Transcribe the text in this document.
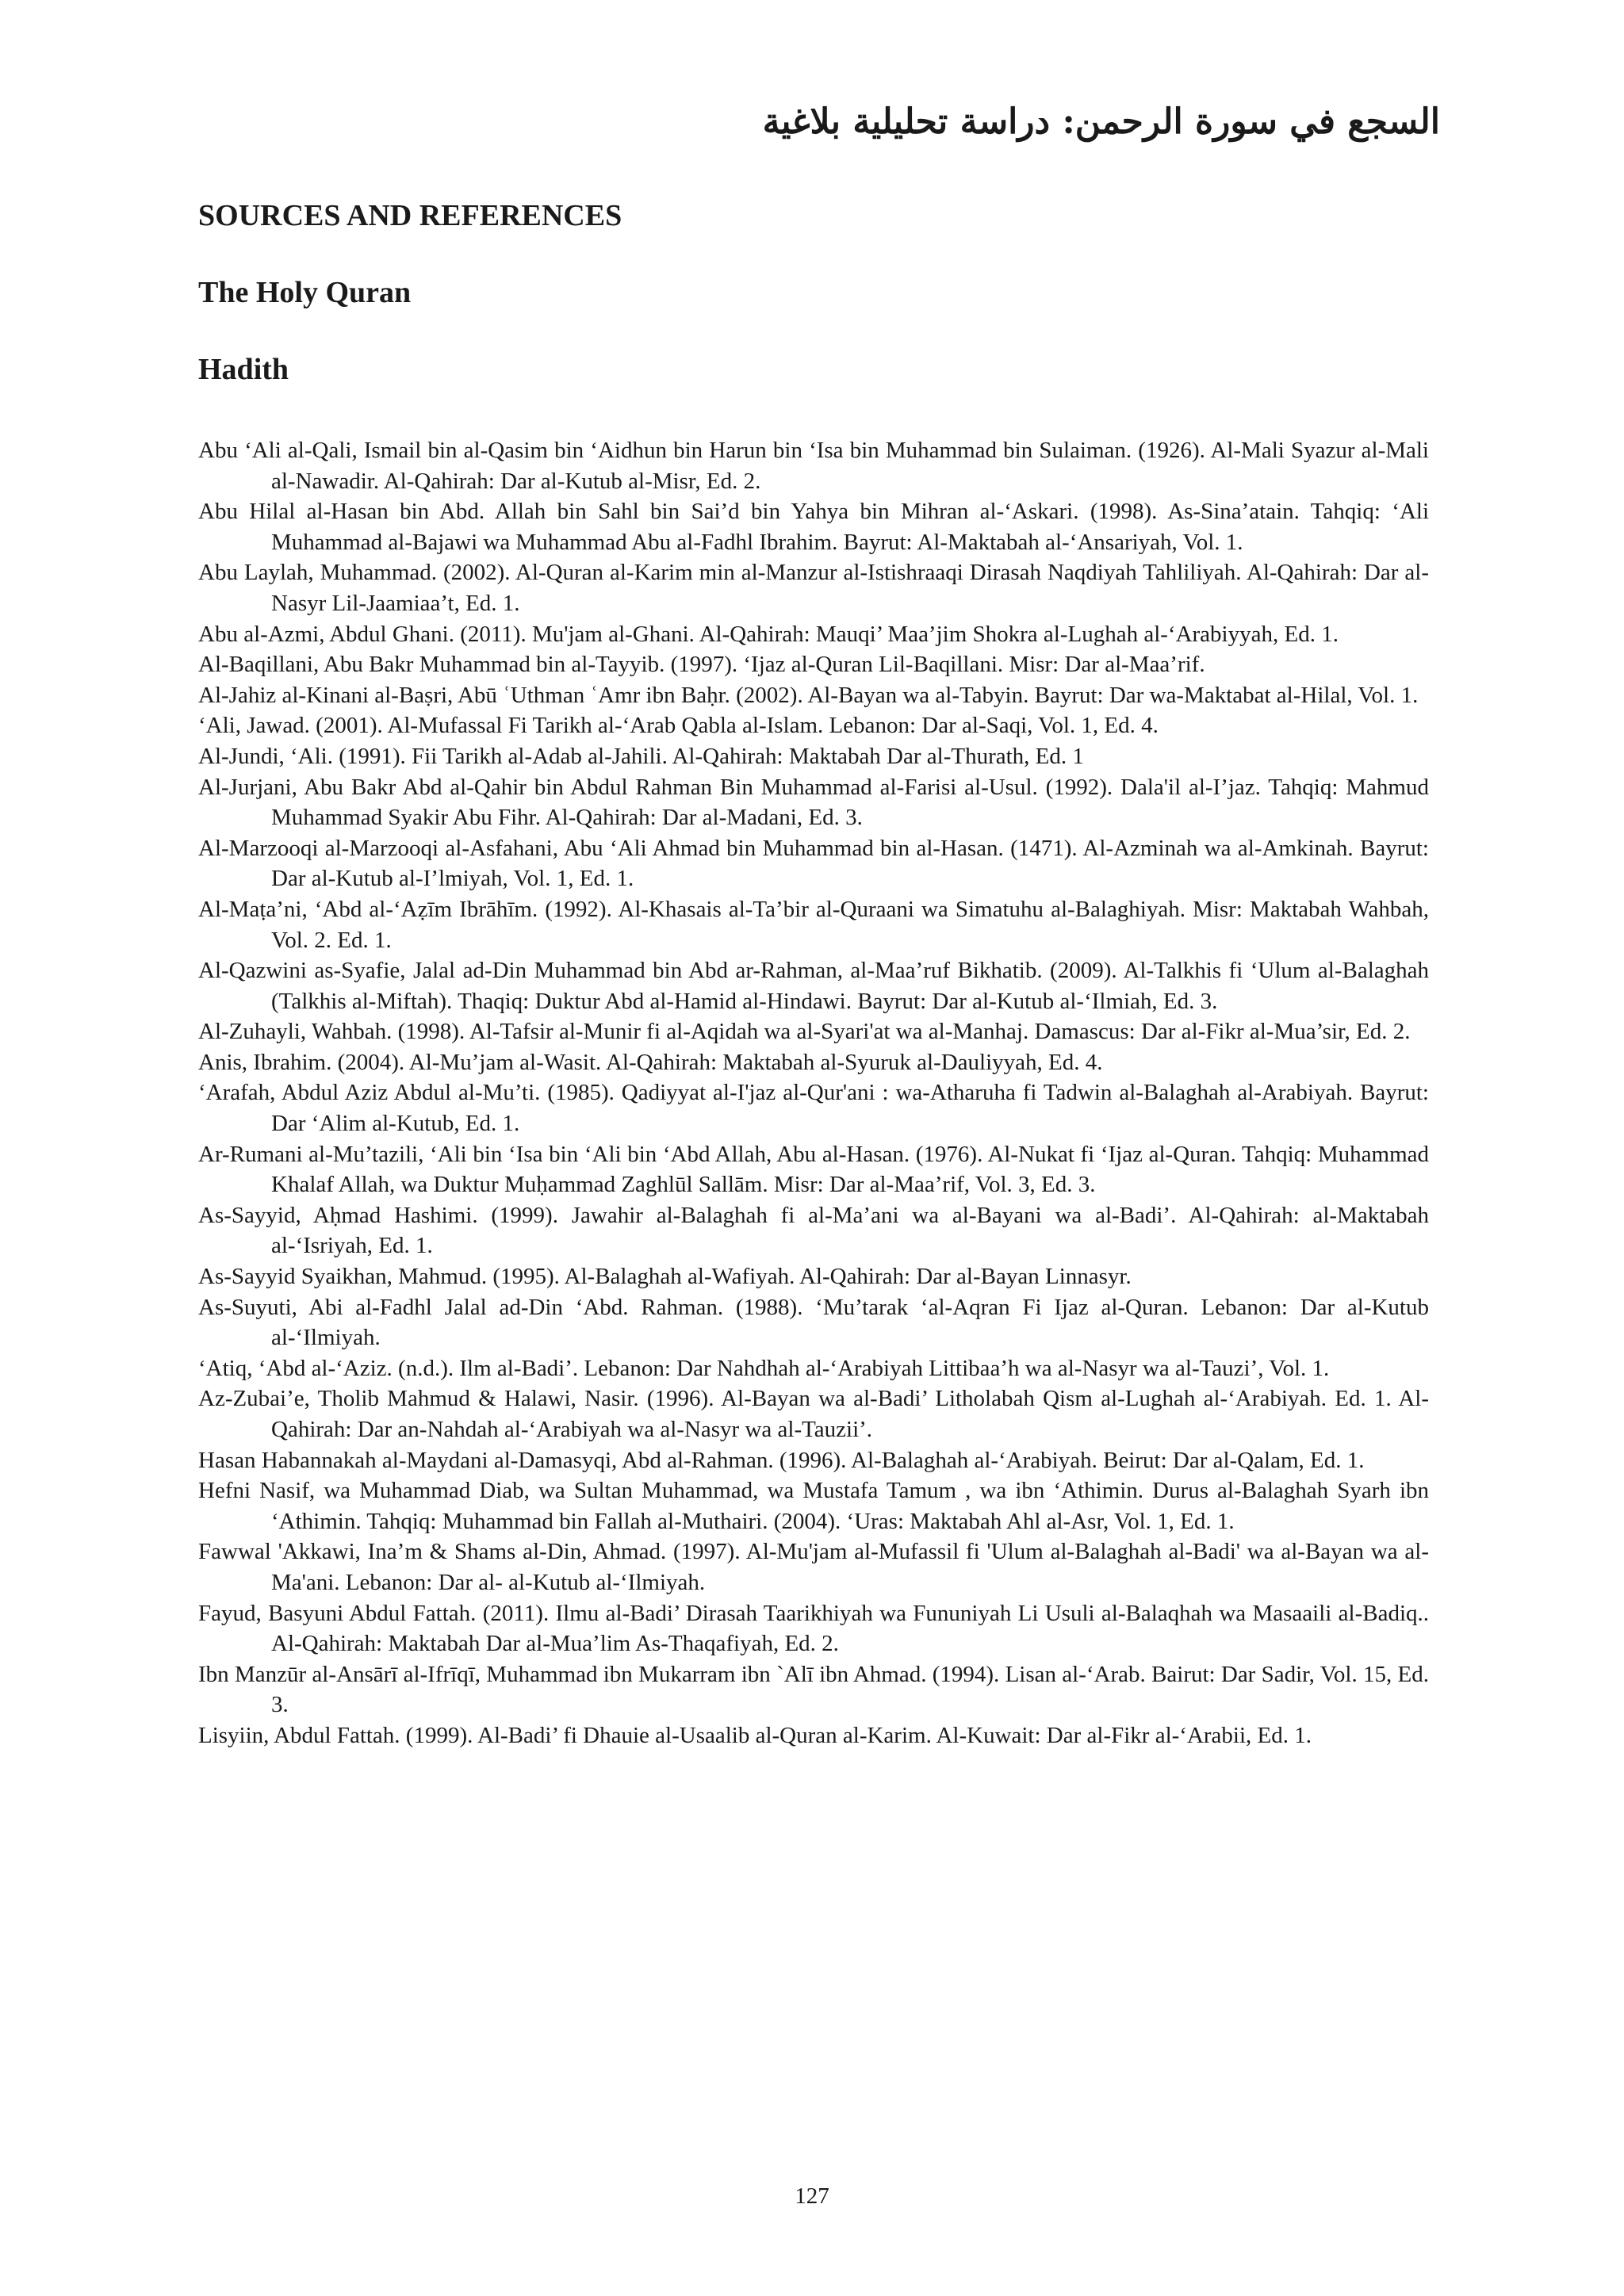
السجع في سورة الرحمن: دراسة تحليلية بلاغية
SOURCES AND REFERENCES
The Holy Quran
Hadith
Abu ‘Ali al-Qali, Ismail bin al-Qasim bin ‘Aidhun bin Harun bin ‘Isa bin Muhammad bin Sulaiman. (1926). Al-Mali Syazur al-Mali al-Nawadir. Al-Qahirah: Dar al-Kutub al-Misr, Ed. 2.
Abu Hilal al-Hasan bin Abd. Allah bin Sahl bin Sai’d bin Yahya bin Mihran al-‘Askari. (1998). As-Sina’atain. Tahqiq: ‘Ali Muhammad al-Bajawi wa Muhammad Abu al-Fadhl Ibrahim. Bayrut: Al-Maktabah al-‘Ansariyah, Vol. 1.
Abu Laylah, Muhammad. (2002). Al-Quran al-Karim min al-Manzur al-Istishraaqi Dirasah Naqdiyah Tahliliyah. Al-Qahirah: Dar al-Nasyr Lil-Jaamiaa’t, Ed. 1.
Abu al-Azmi, Abdul Ghani. (2011). Mu'jam al-Ghani. Al-Qahirah: Mauqi’ Maa’jim Shokra al-Lughah al-‘Arabiyyah, Ed. 1.
Al-Baqillani, Abu Bakr Muhammad bin al-Tayyib. (1997). ‘Ijaz al-Quran Lil-Baqillani. Misr: Dar al-Maa’rif.
Al-Jahiz al-Kinani al-Baṣri, Abū ʿUthman ʿAmr ibn Baḥr. (2002). Al-Bayan wa al-Tabyin. Bayrut: Dar wa-Maktabat al-Hilal, Vol. 1.
‘Ali, Jawad. (2001). Al-Mufassal Fi Tarikh al-‘Arab Qabla al-Islam. Lebanon: Dar al-Saqi, Vol. 1, Ed. 4.
Al-Jundi, ‘Ali. (1991). Fii Tarikh al-Adab al-Jahili. Al-Qahirah: Maktabah Dar al-Thurath, Ed. 1
Al-Jurjani, Abu Bakr Abd al-Qahir bin Abdul Rahman Bin Muhammad al-Farisi al-Usul. (1992). Dala'il al-I’jaz. Tahqiq: Mahmud Muhammad Syakir Abu Fihr. Al-Qahirah: Dar al-Madani, Ed. 3.
Al-Marzooqi al-Marzooqi al-Asfahani, Abu ‘Ali Ahmad bin Muhammad bin al-Hasan. (1471). Al-Azminah wa al-Amkinah. Bayrut: Dar al-Kutub al-I’lmiyah, Vol. 1, Ed. 1.
Al-Maṭa’ni, ‘Abd al-‘Aẓīm Ibrāhīm. (1992). Al-Khasais al-Ta’bir al-Quraani wa Simatuhu al-Balaghiyah. Misr: Maktabah Wahbah, Vol. 2. Ed. 1.
Al-Qazwini as-Syafie, Jalal ad-Din Muhammad bin Abd ar-Rahman, al-Maa’ruf Bikhatib. (2009). Al-Talkhis fi ‘Ulum al-Balaghah (Talkhis al-Miftah). Thaqiq: Duktur Abd al-Hamid al-Hindawi. Bayrut: Dar al-Kutub al-‘Ilmiah, Ed. 3.
Al-Zuhayli, Wahbah. (1998). Al-Tafsir al-Munir fi al-Aqidah wa al-Syari'at wa al-Manhaj. Damascus: Dar al-Fikr al-Mua’sir, Ed. 2.
Anis, Ibrahim. (2004). Al-Mu’jam al-Wasit. Al-Qahirah: Maktabah al-Syuruk al-Dauliyyah, Ed. 4.
‘Arafah, Abdul Aziz Abdul al-Mu’ti. (1985). Qadiyyat al-I'jaz al-Qur'ani : wa-Atharuha fi Tadwin al-Balaghah al-Arabiyah. Bayrut: Dar ‘Alim al-Kutub, Ed. 1.
Ar-Rumani al-Mu’tazili, ‘Ali bin ‘Isa bin ‘Ali bin ‘Abd Allah, Abu al-Hasan. (1976). Al-Nukat fi ‘Ijaz al-Quran. Tahqiq: Muhammad Khalaf Allah, wa Duktur Muḥammad Zaghlūl Sallām. Misr: Dar al-Maa’rif, Vol. 3, Ed. 3.
As-Sayyid, Aḥmad Hashimi. (1999). Jawahir al-Balaghah fi al-Ma’ani wa al-Bayani wa al-Badi’. Al-Qahirah: al-Maktabah al-‘Isriyah, Ed. 1.
As-Sayyid Syaikhan, Mahmud. (1995). Al-Balaghah al-Wafiyah. Al-Qahirah: Dar al-Bayan Linnasyr.
As-Suyuti, Abi al-Fadhl Jalal ad-Din ‘Abd. Rahman. (1988). ‘Mu’tarak ‘al-Aqran Fi Ijaz al-Quran. Lebanon: Dar al-Kutub al-‘Ilmiyah.
‘Atiq, ‘Abd al-‘Aziz. (n.d.). Ilm al-Badi’. Lebanon: Dar Nahdhah al-‘Arabiyah Littibaa’h wa al-Nasyr wa al-Tauzi’, Vol. 1.
Az-Zubai’e, Tholib Mahmud & Halawi, Nasir. (1996). Al-Bayan wa al-Badi’ Litholabah Qism al-Lughah al-‘Arabiyah. Ed. 1. Al-Qahirah: Dar an-Nahdah al-‘Arabiyah wa al-Nasyr wa al-Tauzii’.
Hasan Habannakah al-Maydani al-Damasyqi, Abd al-Rahman. (1996). Al-Balaghah al-‘Arabiyah. Beirut: Dar al-Qalam, Ed. 1.
Hefni Nasif, wa Muhammad Diab, wa Sultan Muhammad, wa Mustafa Tamum , wa ibn ‘Athimin. Durus al-Balaghah Syarh ibn ‘Athimin. Tahqiq: Muhammad bin Fallah al-Muthairi. (2004). ‘Uras: Maktabah Ahl al-Asr, Vol. 1, Ed. 1.
Fawwal 'Akkawi, Ina’m & Shams al-Din, Ahmad. (1997). Al-Mu'jam al-Mufassil fi 'Ulum al-Balaghah al-Badi' wa al-Bayan wa al-Ma'ani. Lebanon: Dar al- al-Kutub al-‘Ilmiyah.
Fayud, Basyuni Abdul Fattah. (2011). Ilmu al-Badi’ Dirasah Taarikhiyah wa Fununiyah Li Usuli al-Balaqhah wa Masaaili al-Badiq.. Al-Qahirah: Maktabah Dar al-Mua’lim As-Thaqafiyah, Ed. 2.
Ibn Manzūr al-Ansārī al-Ifrīqī, Muhammad ibn Mukarram ibn `Alī ibn Ahmad. (1994). Lisan al-‘Arab. Bairut: Dar Sadir, Vol. 15, Ed. 3.
Lisyiin, Abdul Fattah. (1999). Al-Badi’ fi Dhauie al-Usaalib al-Quran al-Karim. Al-Kuwait: Dar al-Fikr al-‘Arabii, Ed. 1.
127
